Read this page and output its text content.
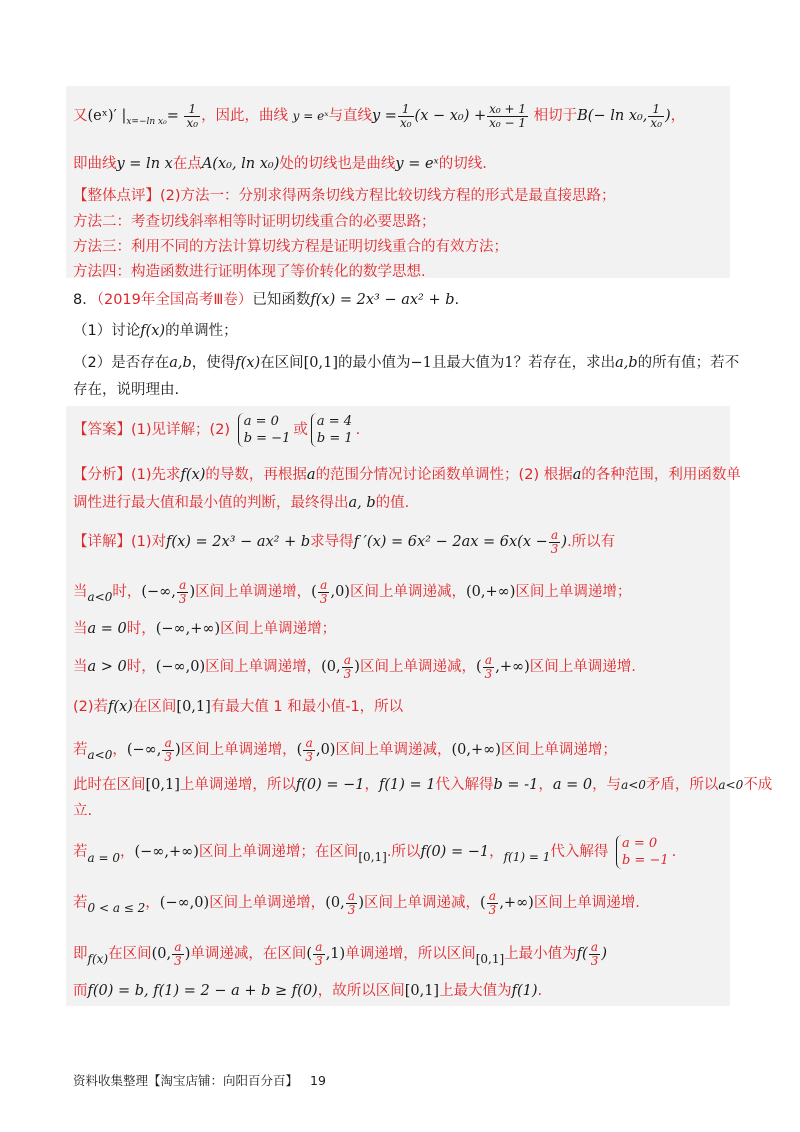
又(eˣ)′ $|_{x=-ln x_0}= \frac{1}{\text{x₀}}$ ，因此，曲线 y = eˣ与直线$y = \frac{1}{\text{x₀}} (x - x_0) + \frac{\text{x₀ + 1}}{\text{x₀ − 1}}$ 相切于B(− ln x₀, $\frac{1}{\text{x₀}}$ )，
即曲线y = ln x在点A(x₀, ln x₀)处的切线也是曲线y = eˣ的切线.
【整体点评】(2)方法一：分别求得两条切线方程比较切线方程的形式是最直接思路；
方法二：考查切线斜率相等时证明切线重合的必要思路；
方法三：利用不同的方法计算切线方程是证明切线重合的有效方法；
方法四：构造函数进行证明体现了等价转化的数学思想.
8．（2019年全国高考Ⅲ卷）已知函数f(x) = 2x³ − ax² + b.
（1）讨论f(x)的单调性；
（2）是否存在a,b，使得f(x)在区间[0,1]的最小值为−1且最大值为1？若存在，求出a,b的所有值；若不
存在，说明理由.
【答案】(1)见详解；(2)
a = 0
b = −1
或
a = 4
b = 1
.
【分析】(1)先求f(x)的导数，再根据a的范围分情况讨论函数单调性；(2) 根据a的各种范围，利用函数单
调性进行最大值和最小值的判断，最终得出a, b的值.
【详解】(1)对f(x) = 2x³ − ax² + b求导得f $'(x) = 6x^2 - 2ax = 6x(x - \frac{a}{3}$ ).所以有
当$_{a<0}$时，(−∞, $\frac{a}{3}$ )区间上单调递增，( $\frac{a}{3} ,0$)区间上单调递减，(0,+∞)区间上单调递增；
当a = 0时，(−∞,+∞)区间上单调递增；
当a > 0时，(−∞,0)区间上单调递增，(0, $\frac{a}{3}$ )区间上单调递减，( $\frac{a}{3}$ ,+∞)区间上单调递增.
(2)若f(x)在区间[0,1]有最大值 1 和最小值-1，所以
若$_{a<0}$，(−∞, $\frac{a}{3}$ )区间上单调递增，( $\frac{a}{3} ,0$)区间上单调递减，(0,+∞)区间上单调递增；
此时在区间[0,1]上单调递增，所以f(0) = −1，f(1) = 1代入解得b = -1，a = 0，与a<0矛盾，所以a<0不成
立.
若$_{a = 0}$，(−∞,+∞)区间上单调递增；在区间$_{[0,1]}$.所以f(0) = −1，$_{f(1) = 1}$代入解得
a = 0
b = −1
.
若$_{0 < a \le 2}$，(−∞,0)区间上单调递增，(0, $\frac{a}{3}$ )区间上单调递减，( $\frac{a}{3}$ ,+∞)区间上单调递增.
即$_{f(x)}$在区间(0, $\frac{a}{3}$ )单调递减，在区间( $\frac{a}{3} ,1$)单调递增，所以区间$_{[0,1]}$上最小值为$f( \frac{a}{3}$ )
而f(0) = b, f(1) = 2 − a + b ≥ f(0)，故所以区间[0,1]上最大值为f(1).
资料收集整理【淘宝店铺：向阳百分百】 19
